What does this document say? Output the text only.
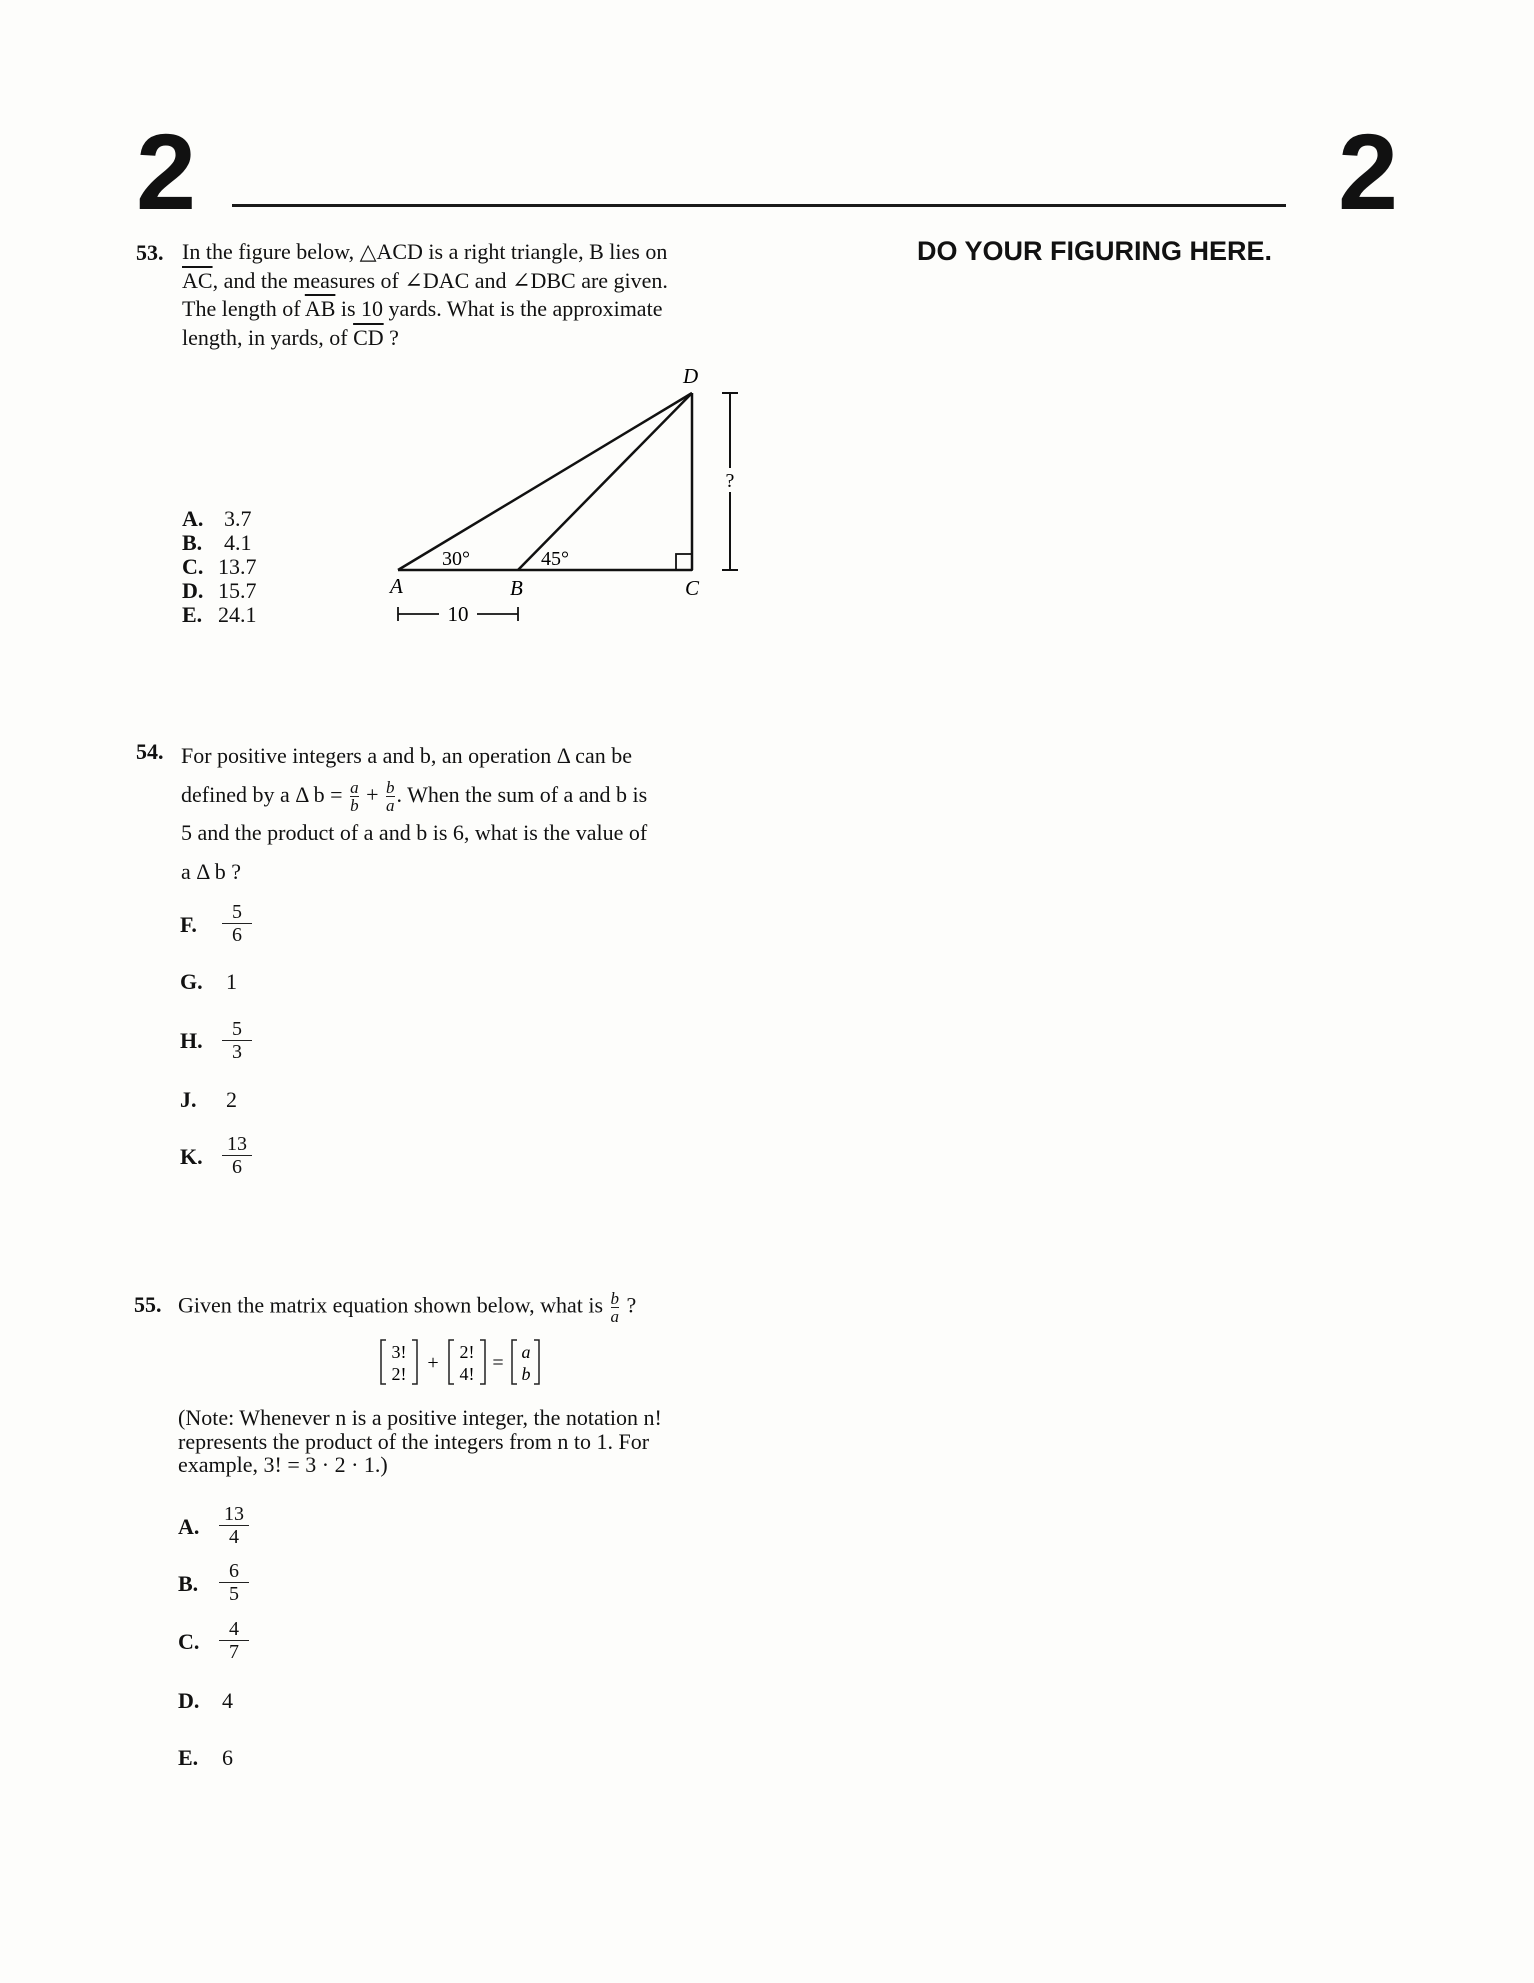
2	2
DO YOUR FIGURING HERE.
53. In the figure below, △ACD is a right triangle, B lies on
$\overline{AC}$, and the measures of ∠DAC and ∠DBC are given.
The length of $\overline{AB}$ is 10 yards. What is the approximate
length, in yards, of $\overline{CD}$ ?
A. 3.7
B. 4.1
C. 13.7
D. 15.7
E. 24.1	10
D
A	B	C
30°	45°
?
54. For positive integers a and b, an operation Δ can be
defined by a Δ $b = \frac{a}{b} + \frac{b}{a}$ . When the sum of a and b is
5 and the product of a and b is 6, what is the value of
a Δ b ?
F.	$\frac{5}{6}$
G. 1
H. $\frac{5}{3}$
J. 2
K. $\frac{13}{6}$
55. Given the matrix equation shown below, what is $\frac{b}{a}$ ?
3!
2! + 2!
4! = a
b
(Note: Whenever n is a positive integer, the notation n!
represents the product of the integers from n to 1. For
example, 3! = 3 · 2 · 1.)
A. $\frac{13}{4}$
B.	$\frac{6}{5}$
C. $\frac{4}{7}$
D. 4
E. 6
